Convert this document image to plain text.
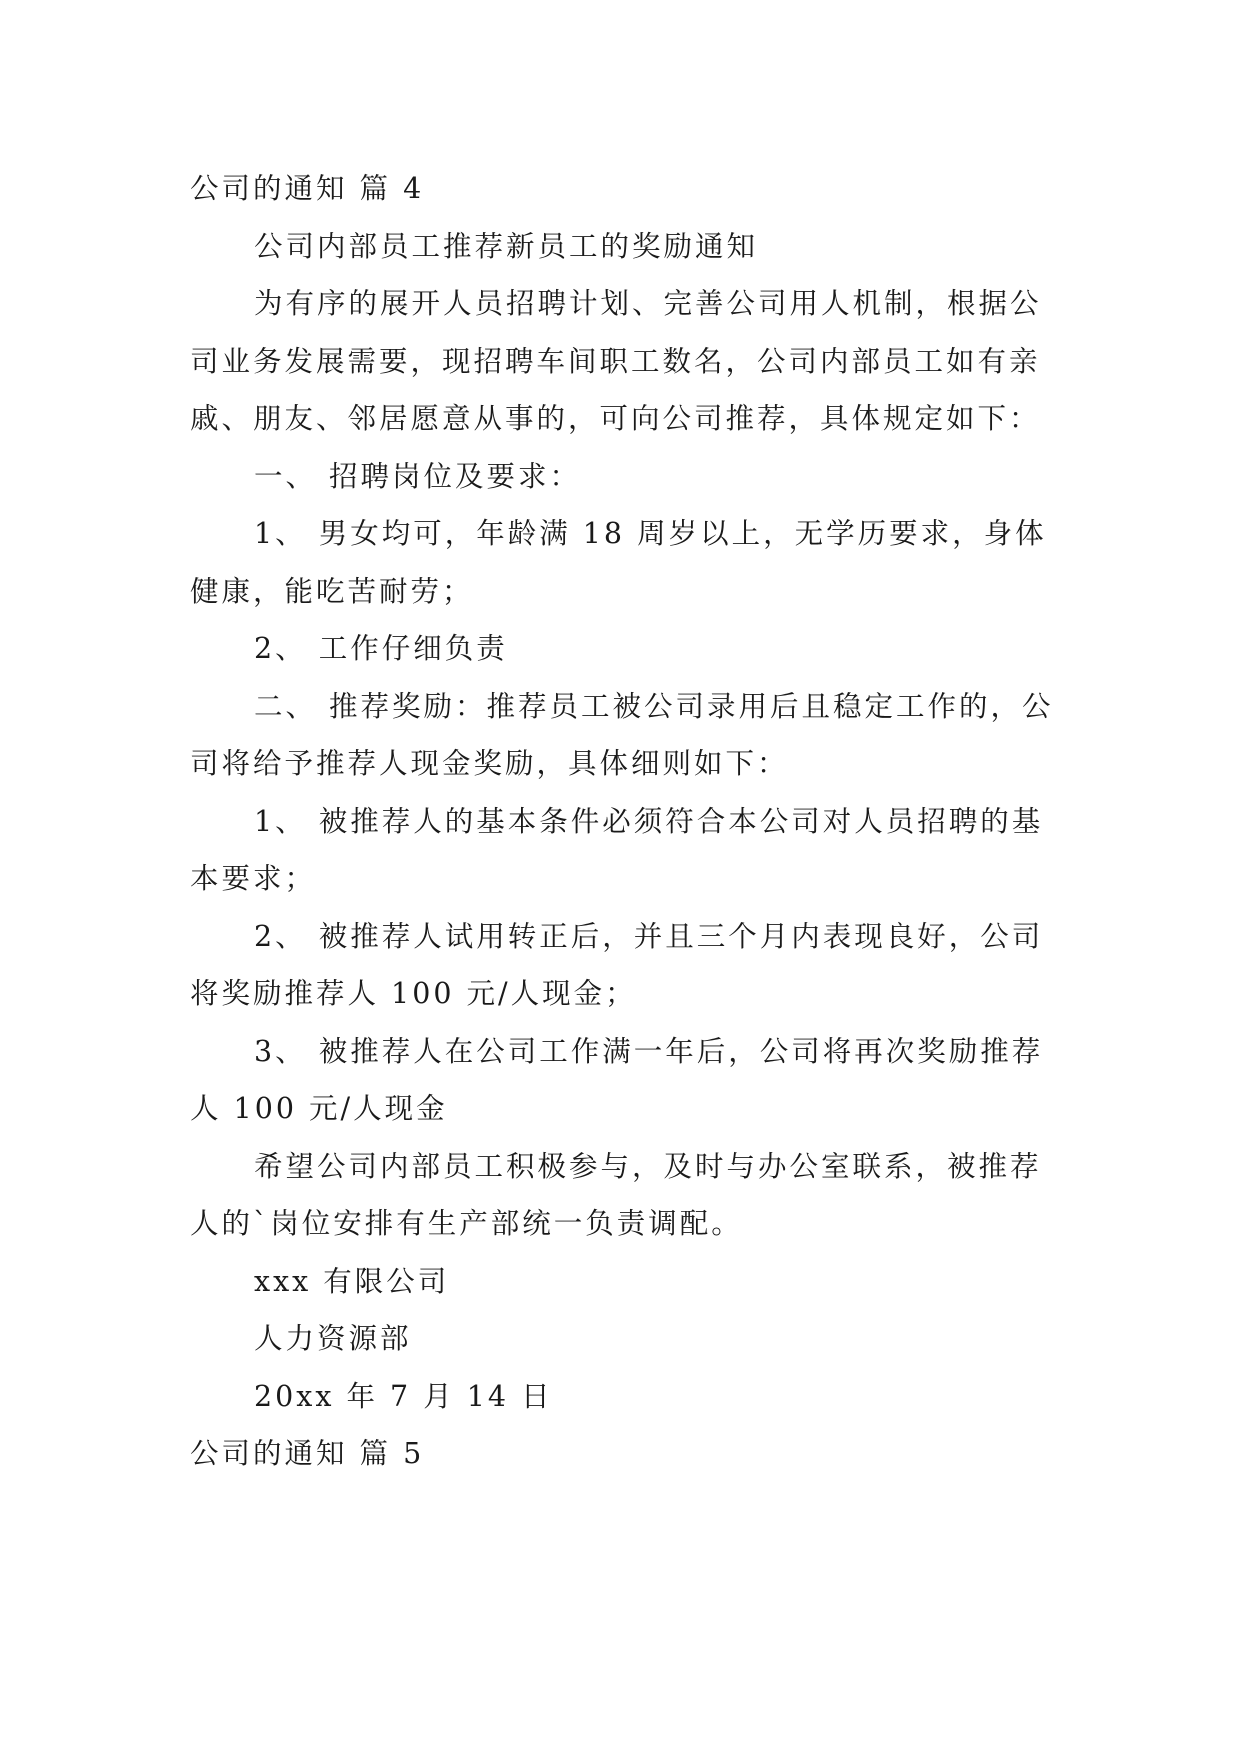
公司的通知 篇 4

公司内部员工推荐新员工的奖励通知

为有序的展开人员招聘计划、完善公司用人机制，根据公司业务发展需要，现招聘车间职工数名，公司内部员工如有亲戚、朋友、邻居愿意从事的，可向公司推荐，具体规定如下：

一、 招聘岗位及要求：

1、 男女均可，年龄满 18 周岁以上，无学历要求，身体健康，能吃苦耐劳；

2、 工作仔细负责

二、 推荐奖励：推荐员工被公司录用后且稳定工作的，公司将给予推荐人现金奖励，具体细则如下：

1、 被推荐人的基本条件必须符合本公司对人员招聘的基本要求；

2、 被推荐人试用转正后，并且三个月内表现良好，公司将奖励推荐人 100 元/人现金；

3、 被推荐人在公司工作满一年后，公司将再次奖励推荐人 100 元/人现金

希望公司内部员工积极参与，及时与办公室联系，被推荐人的`岗位安排有生产部统一负责调配。

xxx 有限公司

人力资源部

20xx 年 7 月 14 日

公司的通知 篇 5
